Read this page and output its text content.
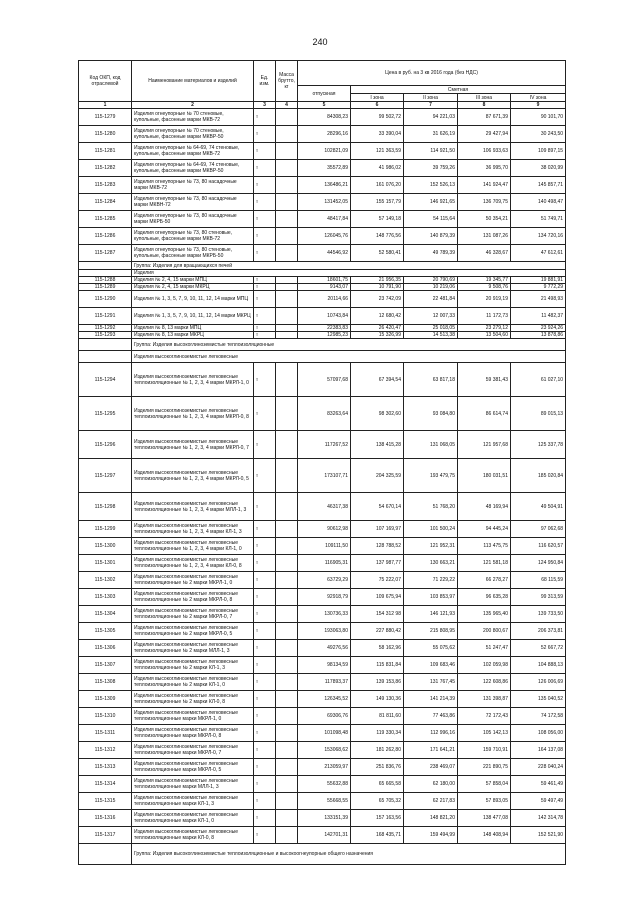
240
Код ОКП, код отраслевой	Наименование материалов и изделий	Ед. изм.	Масса брутто, кг	Цена в руб. на 3 кв 2016 года (без НДС)				
				отпускная	Сметная			
					I зона	II зона	III зона	IV зона
1	2	3	4	5	6	7	8	9
115-1279	Изделия огнеупорные № 70 стеновые, купольные, фасонные марки МКВ-72	т		84308,23	99 502,72	94 221,03	87 671,39	90 101,70
115-1280	Изделия огнеупорные № 70 стеновые, купольные, фасонные марки МКВР-50	т		28296,16	33 390,04	31 626,19	29 427,94	30 243,50
115-1281	Изделия огнеупорные № 64-69, 74 стеновые, купольные, фасонные марки МКВ-72	т		102821,09	121 363,59	114 921,50	106 933,63	109 897,15
115-1282	Изделия огнеупорные № 64-69, 74 стеновые, купольные, фасонные марки МКВР-50	т		35572,89	41 986,02	39 759,26	36 995,70	38 020,99
115-1283	Изделия огнеупорные № 73, 80 насадочные марки МКВ-72	т		136486,21	161 076,20	152 526,13	141 924,47	145 857,71
115-1284	Изделия огнеупорные № 73, 80 насадочные марки МКВН-72	т		131452,05	155 157,79	146 921,65	136 709,75	140 498,47
115-1285	Изделия огнеупорные № 73, 80 насадочные марки МКРБ-50	т		48417,84	57 149,18	54 115,64	50 354,21	51 749,71
115-1286	Изделия огнеупорные № 73, 80 стеновые, купольные, фасонные марки МКВ-72	т		126045,76	148 776,56	140 879,39	131 087,26	134 720,16
115-1287	Изделия огнеупорные № 73, 80 стеновые, купольные, фасонные марки МКРБ-50	т		44546,92	52 580,41	49 789,39	46 328,67	47 612,61
	Группа: Изделия для вращающихся печей							
	Изделия							
115-1288	Изделия № 2, 4, 15 марки МПЦ	т		18601,75	21 956,35	20 790,69	19 345,77	19 881,91
115-1289	Изделия № 2, 4, 15 марки МКРЦ	т		9143,07	10 791,90	10 219,06	9 508,76	9 772,29
115-1290	Изделия № 1, 3, 5, 7, 9, 10, 11, 12, 14 марки МПЦ	т		20114,66	23 742,09	22 481,84	20 919,19	21 498,93
115-1291	Изделия № 1, 3, 5, 7, 9, 10, 11, 12, 14 марки МКРЦ	т		10743,84	12 680,42	12 007,33	11 172,73	11 482,37
115-1292	Изделия № 8, 13 марки МПЦ	т		22383,83	26 420,47	25 018,05	23 279,12	23 924,26
115-1293	Изделия № 8, 13 марки МКРЦ	т		12985,23	15 326,99	14 513,38	13 504,60	13 878,86
	Группа: Изделия высокоглиноземистые теплоизоляционные							
	Изделия высокоглиноземистые легковесные							
115-1294	Изделия высокоглиноземистые легковесные теплоизоляционные № 1, 2, 3, 4 марки МКРЛ-1, 0	т		57097,68	67 394,54	63 817,18	59 381,43	61 027,10
115-1295	Изделия высокоглиноземистые легковесные теплоизоляционные № 1, 2, 3, 4 марки МКРЛ-0, 8	т		83263,64	98 302,60	93 084,80	86 614,74	89 015,13
115-1296	Изделия высокоглиноземистые легковесные теплоизоляционные № 1, 2, 3, 4 марки МКРЛ-0, 7	т		117267,52	138 415,28	131 068,05	121 957,68	125 337,78
115-1297	Изделия высокоглиноземистые легковесные теплоизоляционные № 1, 2, 3, 4 марки МКРЛ-0, 5	т		173107,71	204 325,59	193 479,75	180 031,51	185 020,84
115-1298	Изделия высокоглиноземистые легковесные теплоизоляционные № 1, 2, 3, 4 марки МЛЛ-1, 3	т		46317,38	54 670,14	51 768,20	48 169,94	49 504,91
115-1299	Изделия высокоглиноземистые легковесные теплоизоляционные № 1, 2, 3, 4 марки КЛ-1, 3	т		90612,98	107 169,97	101 500,24	94 445,24	97 062,68
115-1300	Изделия высокоглиноземистые легковесные теплоизоляционные № 1, 2, 3, 4 марки КЛ-1, 0	т		109111,50	128 788,52	121 952,31	113 475,75	116 620,57
115-1301	Изделия высокоглиноземистые легковесные теплоизоляционные № 1, 2, 3, 4 марки КЛ-0, 8	т		116905,31	137 987,77	130 663,21	121 581,18	124 950,84
115-1302	Изделия высокоглиноземистые легковесные теплоизоляционные № 2 марки МКРЛ-1, 0	т		63729,29	75 222,07	71 229,22	66 278,27	68 115,59
115-1303	Изделия высокоглиноземистые легковесные теплоизоляционные № 2 марки МКРЛ-0, 8	т		92918,79	109 675,94	103 853,97	96 635,28	99 313,59
115-1304	Изделия высокоглиноземистые легковесные теплоизоляционные № 2 марки МКРЛ-0, 7	т		130736,33	154 312 98	146 121,93	135 965,40	139 733,50
115-1305	Изделия высокоглиноземистые легковесные теплоизоляционные № 2 марки МКРЛ-0, 5	т		193063,80	227 880,42	215 808,95	200 800,67	206 373,81
115-1306	Изделия высокоглиноземистые легковесные теплоизоляционные № 2 марки МЛЛ-1, 3	т		49276,56	58 162,96	55 075,62	51 247,47	52 667,72
115-1307	Изделия высокоглиноземистые легковесные теплоизоляционные № 2 марки КЛ-1, 3	т		98134,59	115 831,84	109 683,46	102 059,98	104 888,13
115-1308	Изделия высокоглиноземистые легковесные теплоизоляционные № 2 марки КЛ-1, 0	т		117893,37	139 153,86	131 767,45	122 608,86	126 006,69
115-1309	Изделия высокоглиноземистые легковесные теплоизоляционные № 2 марки КЛ-0, 8	т		126345,52	149 130,36	141 214,39	131 398,87	135 040,52
115-1310	Изделия высокоглиноземистые легковесные теплоизоляционные марки МКРЛ-1, 0	т		69306,76	81 811,60	77 463,86	72 172,43	74 172,58
115-1311	Изделия высокоглиноземистые легковесные теплоизоляционные марки МКРЛ-0, 8	т		101098,48	119 330,34	112 996,16	105 142,13	108 056,00
115-1312	Изделия высокоглиноземистые легковесные теплоизоляционные марки МКРЛ-0, 7	т		153068,62	181 262,80	171 641,21	159 710,91	164 137,08
115-1313	Изделия высокоглиноземистые легковесные теплоизоляционные марки МКРЛ-0, 5	т		213059,97	251 836,76	238 469,07	221 890,75	228 040,24
115-1314	Изделия высокоглиноземистые легковесные теплоизоляционные марки МЛЛ-1, 3	т		55632,88	65 665,58	62 180,00	57 858,04	59 461,49
115-1315	Изделия высокоглиноземистые легковесные теплоизоляционные марки КЛ-1, 3	т		55668,55	65 705,32	62 217,83	57 893,05	59 497,49
115-1316	Изделия высокоглиноземистые легковесные теплоизоляционные марки КЛ-1, 0	т		133151,39	157 163,56	148 821,20	138 477,08	142 314,78
115-1317	Изделия высокоглиноземистые легковесные теплоизоляционные марки КЛ-0, 8	т		142701,31	168 435,71	159 494,99	148 408,94	152 521,90
	Группа: Изделия высокоглиноземистые теплоизоляционные и высокоогнеупорные общего назначения							
